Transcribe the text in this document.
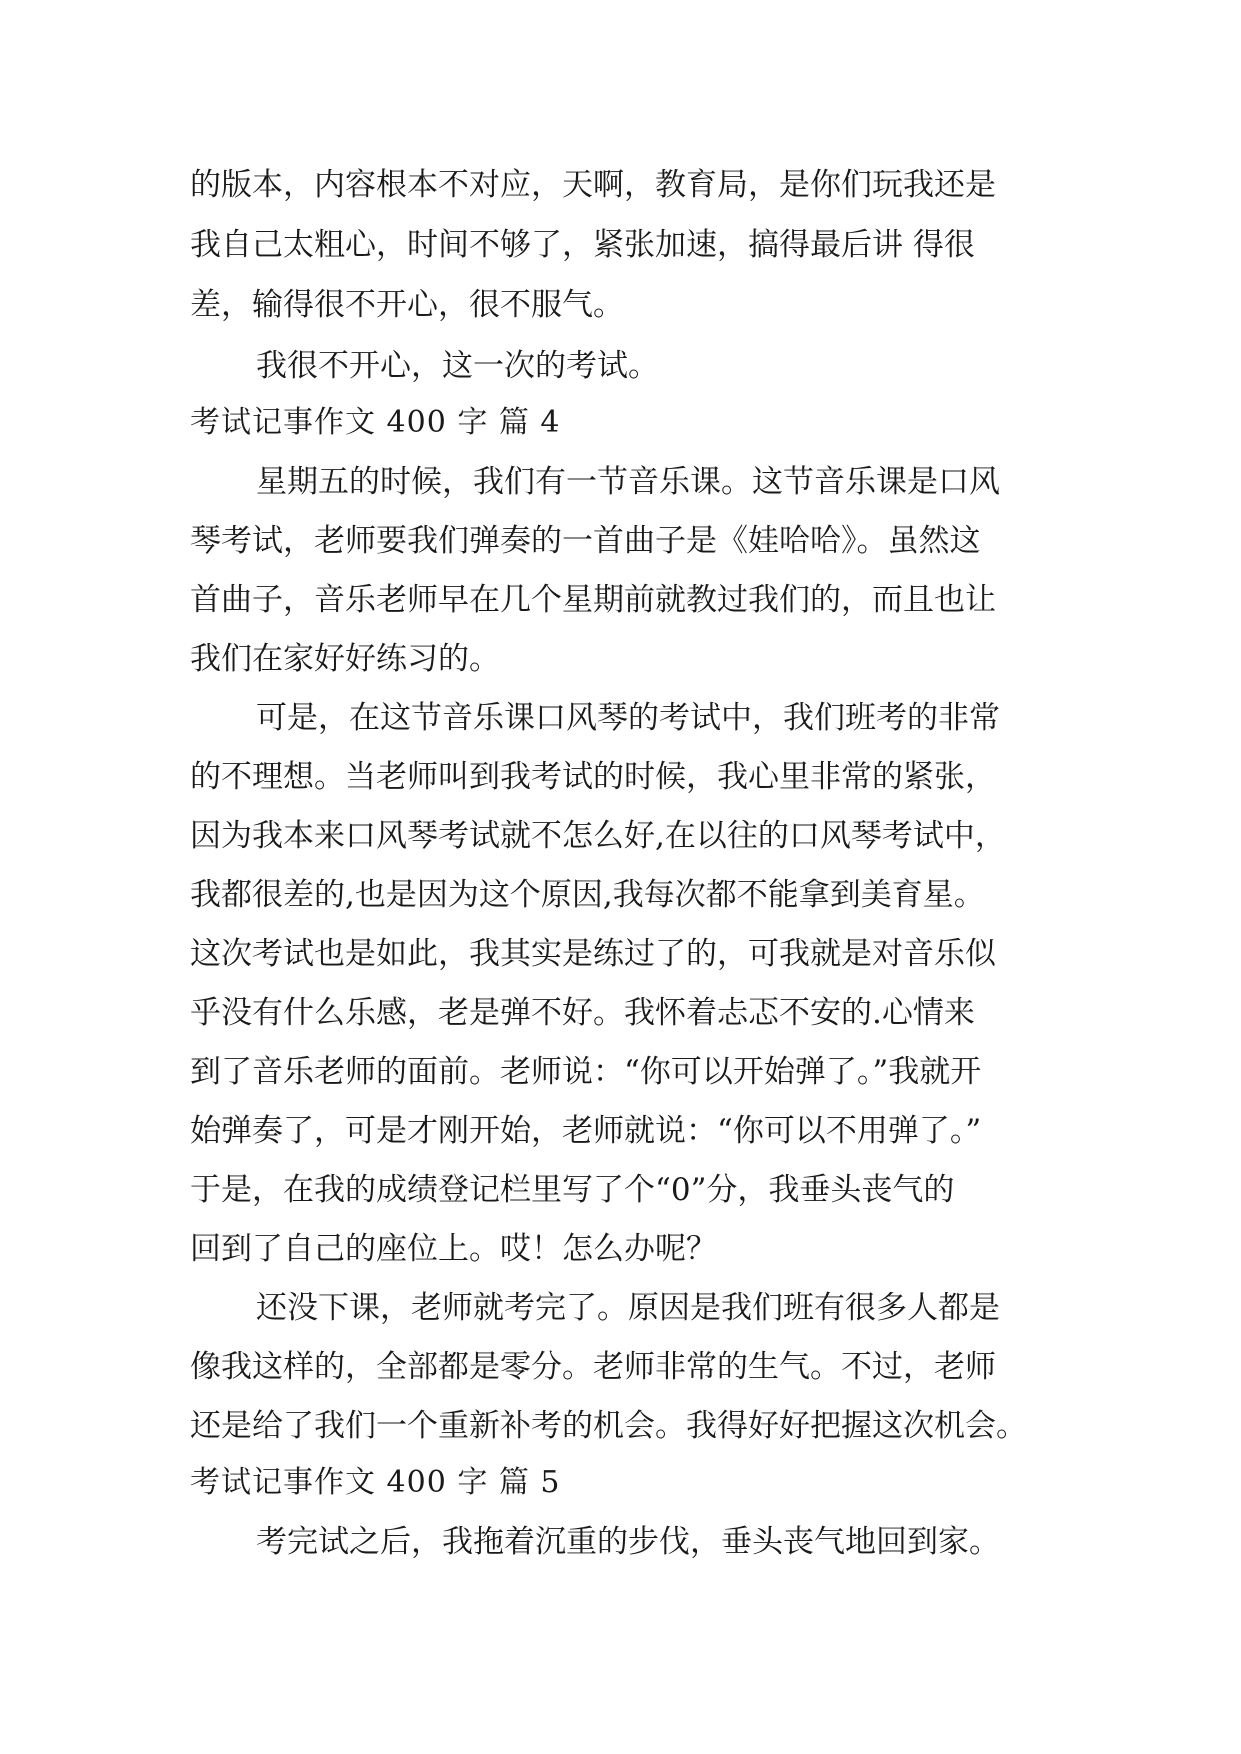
的版本，内容根本不对应，天啊，教育局，是你们玩我还是
我自己太粗心，时间不够了，紧张加速，搞得最后讲 得很
差，输得很不开心，很不服气。
我很不开心，这一次的考试。
考试记事作文 400 字 篇 4
星期五的时候，我们有一节音乐课。这节音乐课是口风
琴考试，老师要我们弹奏的一首曲子是《娃哈哈》。虽然这
首曲子，音乐老师早在几个星期前就教过我们的，而且也让
我们在家好好练习的。
可是，在这节音乐课口风琴的考试中，我们班考的非常
的不理想。当老师叫到我考试的时候，我心里非常的紧张，
因为我本来口风琴考试就不怎么好,在以往的口风琴考试中，
我都很差的,也是因为这个原因,我每次都不能拿到美育星。
这次考试也是如此，我其实是练过了的，可我就是对音乐似
乎没有什么乐感，老是弹不好。我怀着忐忑不安的.心情来
到了音乐老师的面前。老师说：“你可以开始弹了。”我就开
始弹奏了，可是才刚开始，老师就说：“你可以不用弹了。”
于是，在我的成绩登记栏里写了个“0”分，我垂头丧气的
回到了自己的座位上。哎！怎么办呢？
还没下课，老师就考完了。原因是我们班有很多人都是
像我这样的，全部都是零分。老师非常的生气。不过，老师
还是给了我们一个重新补考的机会。我得好好把握这次机会。
考试记事作文 400 字 篇 5
考完试之后，我拖着沉重的步伐，垂头丧气地回到家。
